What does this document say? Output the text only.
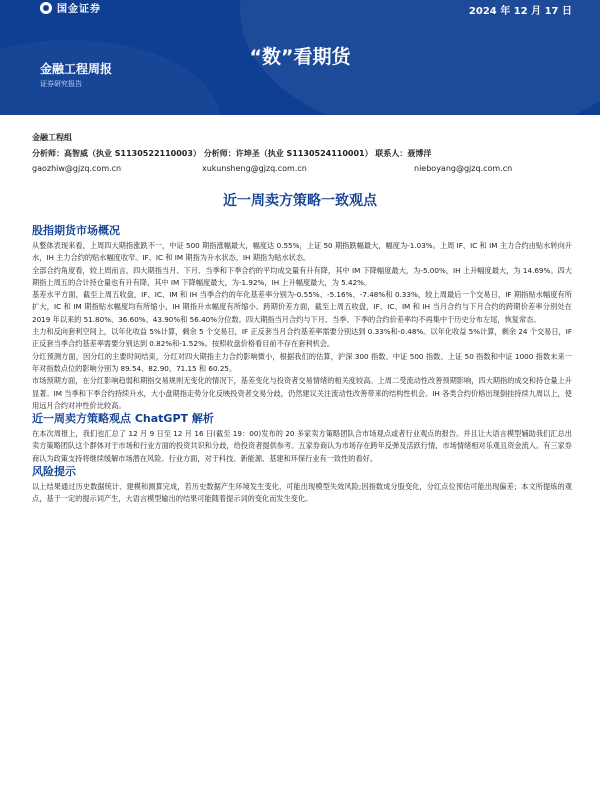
国金证券	2024 年 12 月 17 日
“数”看期货
金融工程周报
证券研究报告
金融工程组
分析师：高智威（执业 S1130522110003） 分析师：许坤圣（执业 S1130524110001） 联系人：聂博洋
gaozhiw@gjzq.com.cn	xukunsheng@gjzq.com.cn	nieboyang@gjzq.com.cn
近一周卖方策略一致观点
股指期货市场概况

从整体表现来看，上周四大期指涨跌不一，中证 500 期指涨幅最大，幅度达 0.55%，上证 50 期指跌幅最大，幅度为-1.03%。上周 IF、IC 和 IM 主力合约由贴水转向升水，IH 主力合约的贴水幅度收窄。IF、IC 和 IM 期指为升水状态，IH 期指为贴水状态。

全部合约角度看，较上周而言，四大期指当月、下月、当季和下季合约的平均成交量有升有降，其中 IM 下降幅度最大，为-5.00%，IH 上升幅度最大，为 14.69%。四大期指上周五的合计持仓量也有升有降，其中 IM 下降幅度最大，为-1.92%，IH 上升幅度最大，为 5.42%。

基差水平方面，截至上周五收盘，IF、IC、IM 和 IH 当季合约的年化基差率分别为-0.55%、-5.16%、-7.48%和 0.33%，较上周最后一个交易日，IF 期指贴水幅度有所扩大，IC 和 IM 期指贴水幅度均有所缩小，IH 期指升水幅度有所缩小。跨期价差方面，截至上周五收盘，IF、IC、IM 和 IH 当月合约与下月合约的跨期价差率分别处在 2019 年以来的 51.80%、36.60%、43.90%和 56.40%分位数。四大期指当月合约与下月、当季、下季的合约价差率均不再集中于历史分布左尾，恢复常态。

主力和反向套利空间上，以年化收益 5%计算，剩余 5 个交易日，IF 正反套当月合约基差率需要分别达到 0.33%和-0.48%。以年化收益 5%计算，剩余 24 个交易日，IF 正反套当季合约基差率需要分别达到 0.82%和-1.52%。按照收盘价格看目前不存在套利机会。

分红预测方面，因分红的主要时间结束，分红对四大期指主力合约影响微小，根据我们的估算，沪深 300 指数、中证 500 指数、上证 50 指数和中证 1000 指数未来一年对指数点位的影响分别为 89.54、82.90、71.15 和 60.25。

市场预期方面，在分红影响趋弱和期指交易规则无变化的情况下，基差变化与投资者交易情绪的相关度较高。上周二受流动性改善预期影响，四大期指的成交和持仓量上升显著。IM 当季和下季合约持续升水，大小盘期指走势分化反映投资者交易分歧，仍然建议关注流动性改善带来的结构性机会。IH 各类合约价格出现倒挂持续九周以上，使用远月合约对冲性价比较高。

近一周卖方策略观点 ChatGPT 解析

在本次周报上，我们也汇总了 12 月 9 日至 12 月 16 日(截至 19：00)发布的 20 多家卖方策略团队合市场观点或者行业观点的报告。并且让大语言模型辅助我们汇总出卖方策略团队这个群体对于市场和行业方面的投资共识和分歧，给投资者提供参考。五家券商认为市场存在跨年反弹及活跃行情，市场情绪相对乐观且资金流入。有三家券商认为政策支持将继续缓解市场潜在风险。行业方面，对于科技、新能源、基建和环保行业有一致性的看好。

风险提示

以上结果通过历史数据统计、建模和测算完成，若历史数据产生环境发生变化，可能出现模型失效风险;因指数成分股变化，分红点位预估可能出现偏差；本文所提炼的观点，基于一定的提示词产生，大语言模型输出的结果可能随着提示词的变化而发生变化。
